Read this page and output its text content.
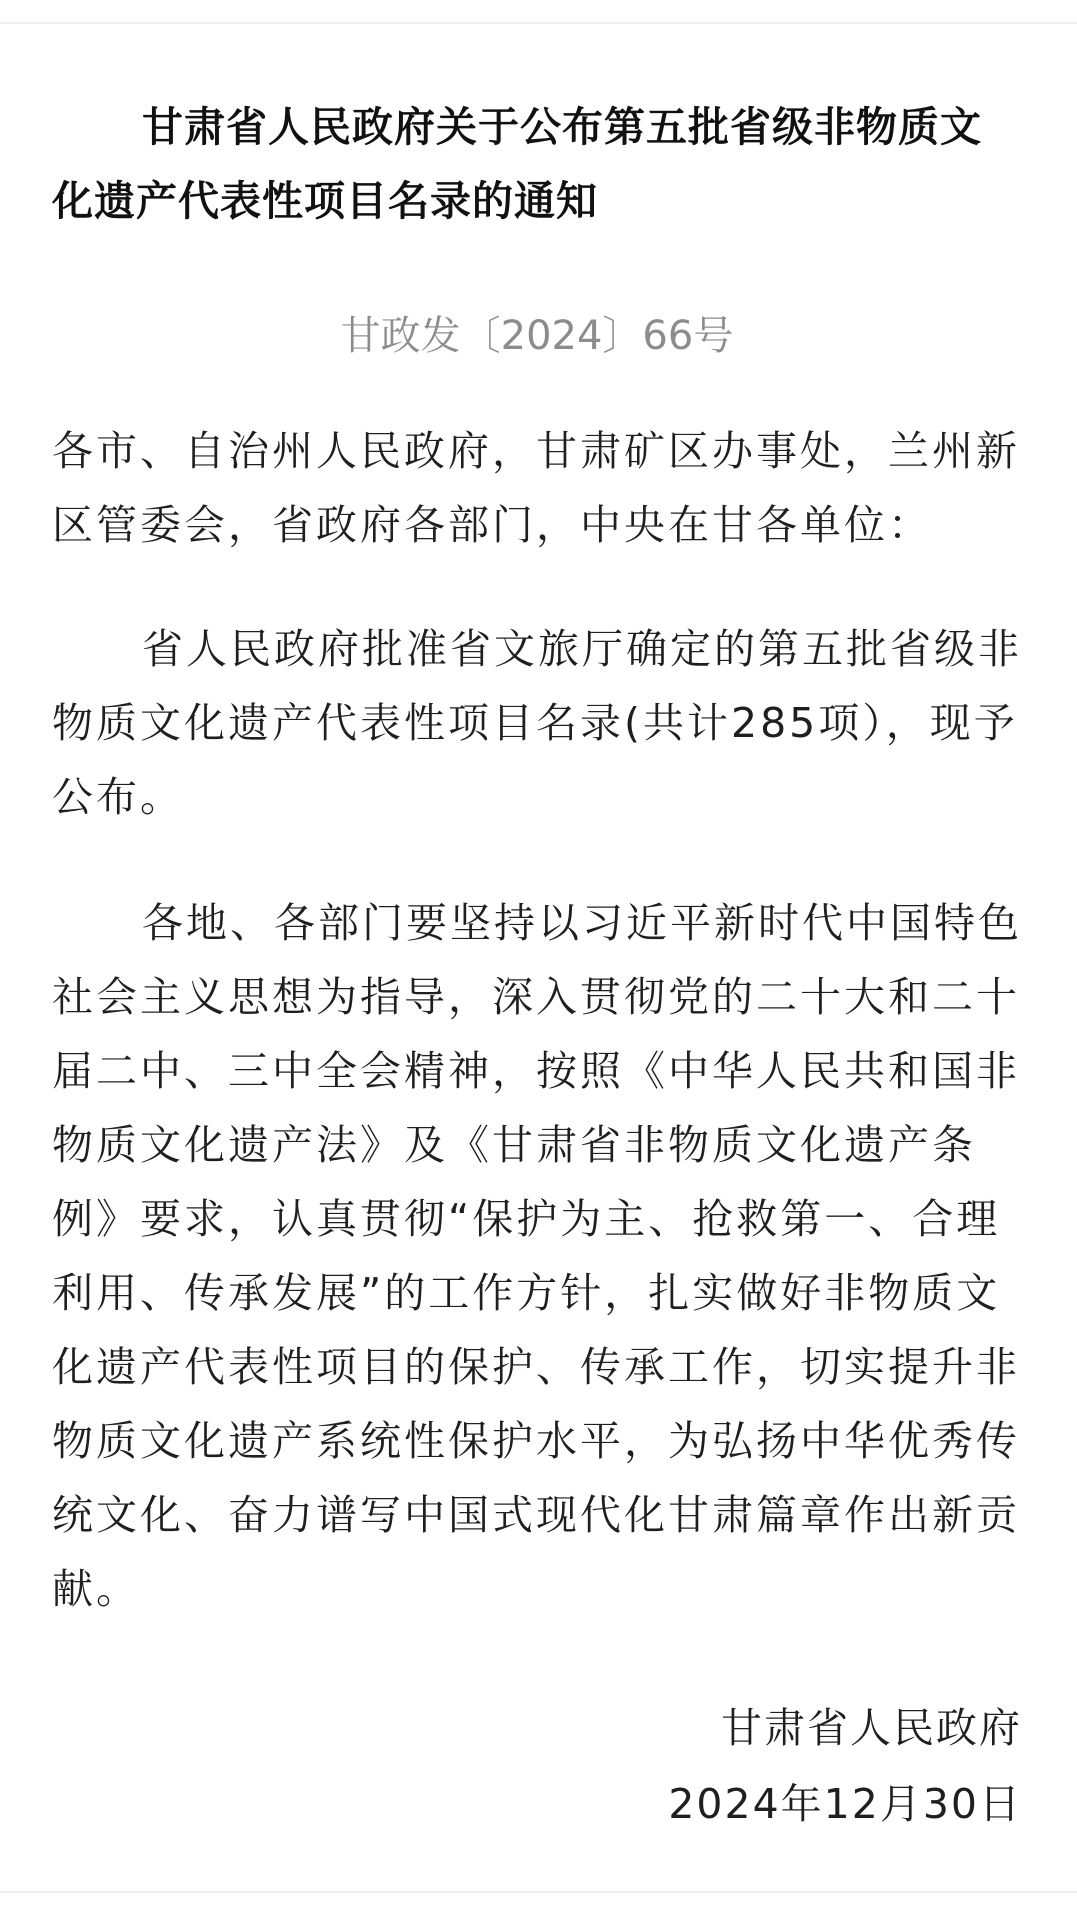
甘肃省人民政府关于公布第五批省级非物质文化遗产代表性项目名录的通知
甘政发〔2024〕66号

各市、自治州人民政府，甘肃矿区办事处，兰州新区管委会，省政府各部门，中央在甘各单位：

省人民政府批准省文旅厅确定的第五批省级非物质文化遗产代表性项目名录(共计285项），现予公布。

各地、各部门要坚持以习近平新时代中国特色社会主义思想为指导，深入贯彻党的二十大和二十届二中、三中全会精神，按照《中华人民共和国非物质文化遗产法》及《甘肃省非物质文化遗产条例》要求，认真贯彻“保护为主、抢救第一、合理利用、传承发展”的工作方针，扎实做好非物质文化遗产代表性项目的保护、传承工作，切实提升非物质文化遗产系统性保护水平，为弘扬中华优秀传统文化、奋力谱写中国式现代化甘肃篇章作出新贡献。

甘肃省人民政府
2024年12月30日
